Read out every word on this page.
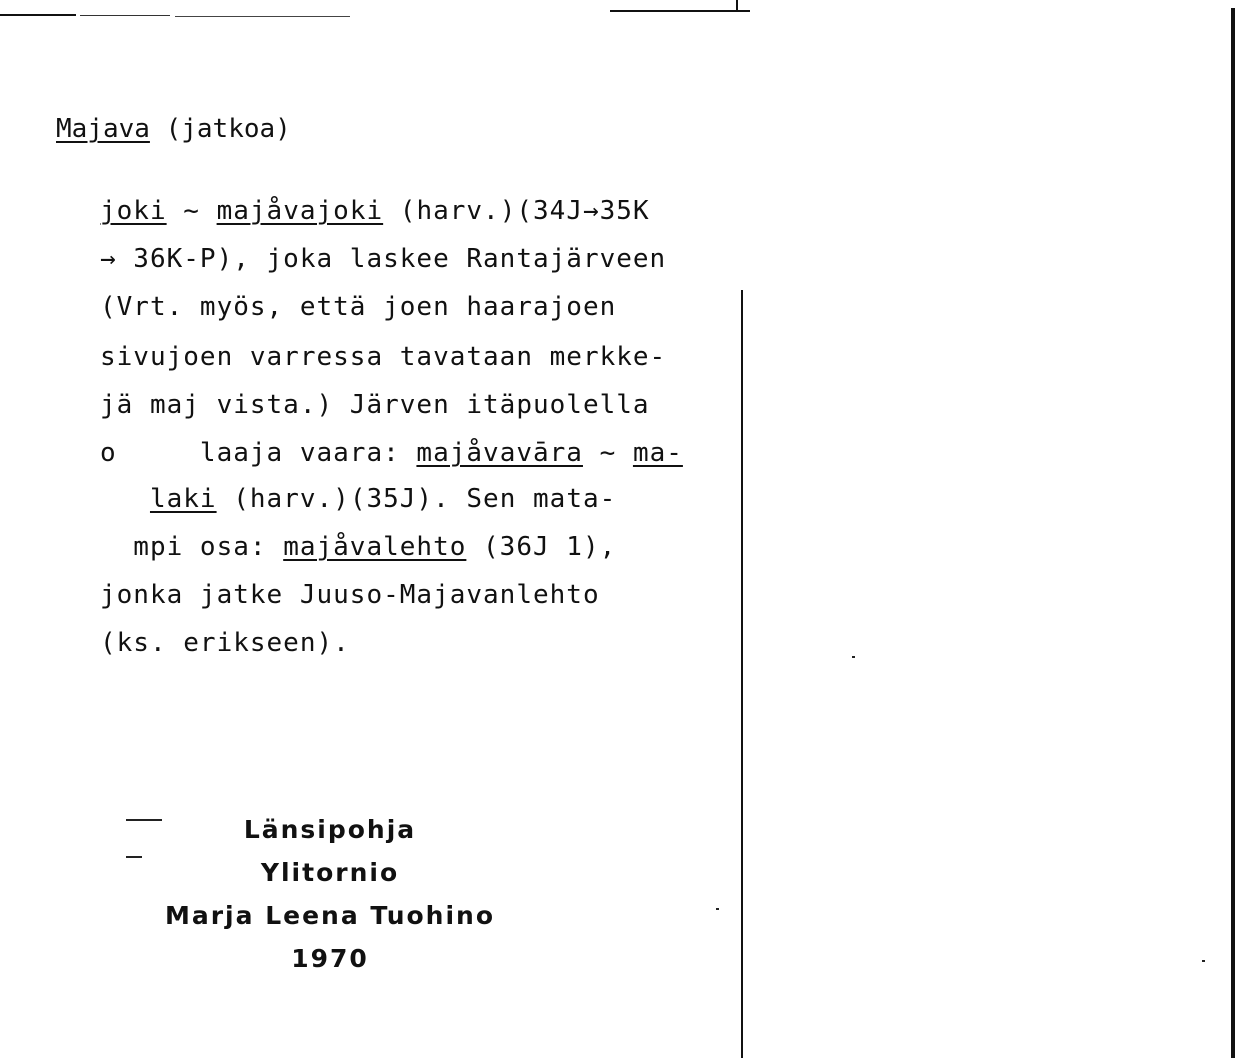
Majava (jatkoa)
joki ~ majåvajoki (harv.)(34J→35K
→ 36K-P), joka laskee Rantajärveen
(Vrt. myös, että joen haarajoen
sivujoen varressa tavataan merkke-
jä maj vista.) Järven itäpuolella
o     laaja vaara: majåvavāra ~ ma-
laki (harv.)(35J). Sen mata-
mpi osa: majåvalehto (36J 1),
jonka jatke Juuso-Majavanlehto
(ks. erikseen).
Länsipohja
Ylitornio
Marja Leena Tuohino
1970
